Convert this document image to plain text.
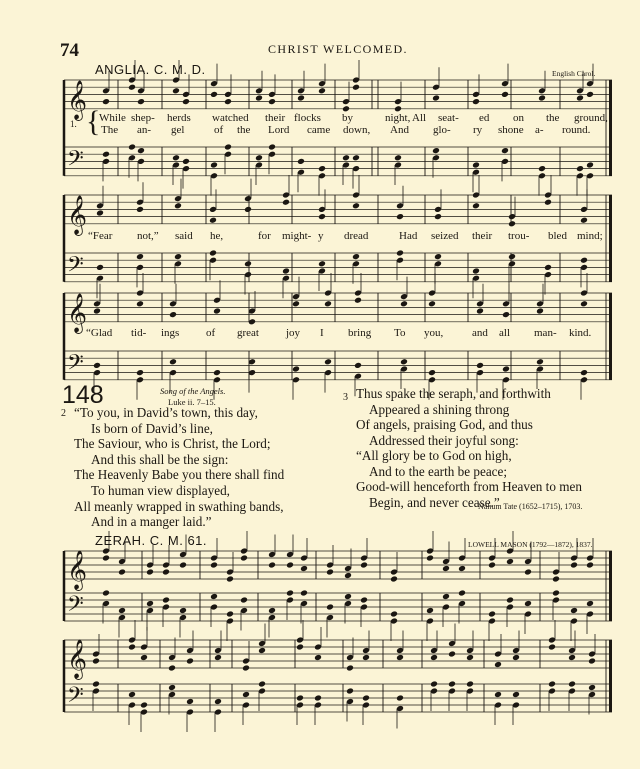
74	CHRIST WELCOMED.
ANGLIA. C. M. D.	English Carol.
𝄞
𝄢
𝄞
𝄢
𝄞
𝄢
𝄞
𝄢
𝄞
𝄢
While shep- herds watched their flocks by	night, All seat- ed on the ground,
The an- gel	of the Lord came down, And glo- ry shone a- round.
“Fear not,” said he,	for might- y dread	Had seized their trou- bled mind;
“Glad tid- ings of great joy I bring To you,	and all man- kind.
1. {
148	Song of the Angels.
Luke ii. 7–15.
2 “To you, in David’s town, this day,
Is born of David’s line,
The Saviour, who is Christ, the Lord;
And this shall be the sign:
The Heavenly Babe you there shall find
To human view displayed,
All meanly wrapped in swathing bands,
And in a manger laid.”
3 Thus spake the seraph, and forthwith
Appeared a shining throng
Of angels, praising God, and thus
Addressed their joyful song:
“All glory be to God on high,
And to the earth be peace;
Good-will henceforth from Heaven to men
Begin, and never cease.”
Nahum Tate (1652–1715), 1703.
ZERAH. C. M. 61.	LOWELL MASON (1792—1872), 1837.
